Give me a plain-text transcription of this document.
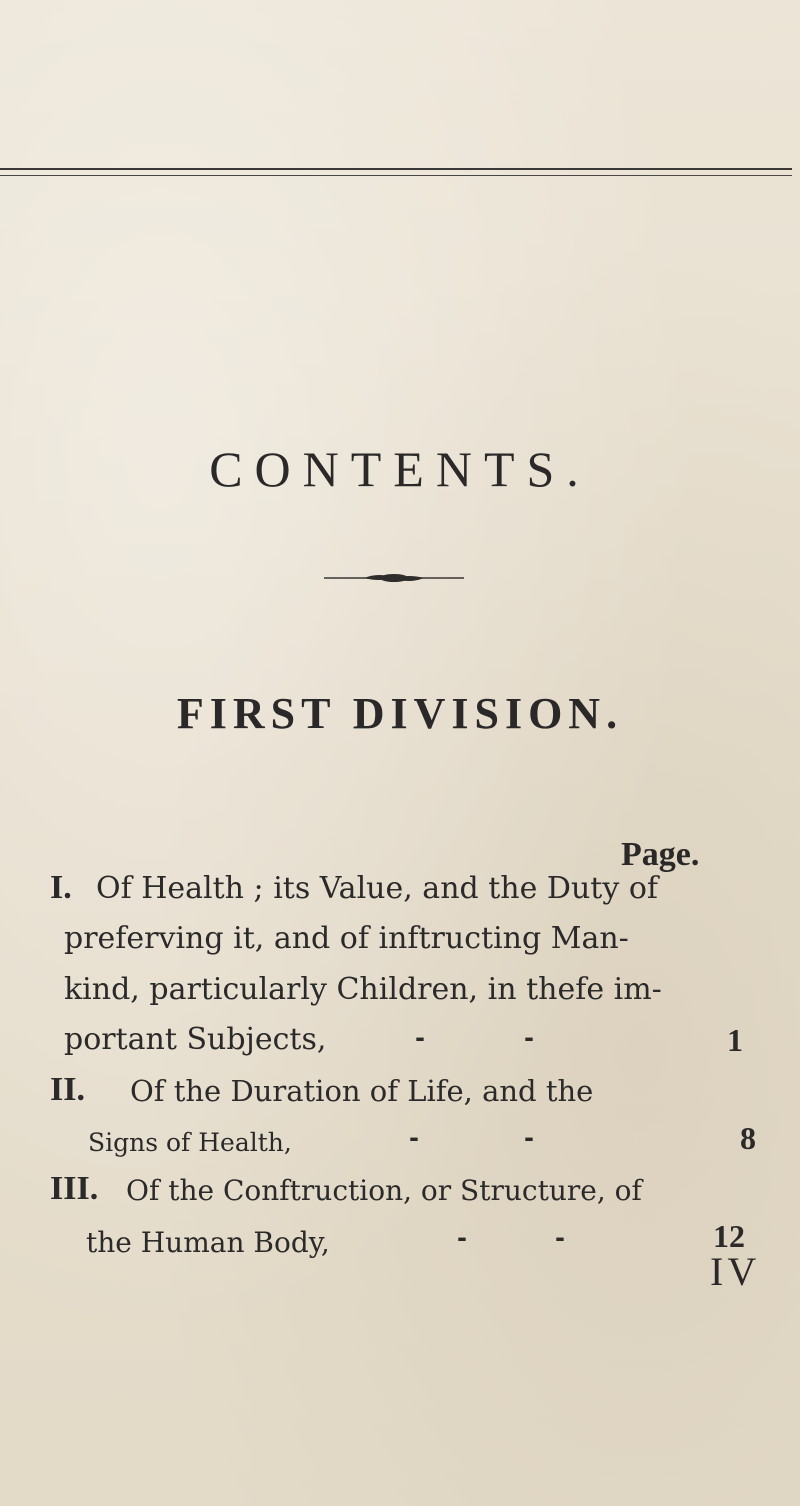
CONTENTS.
FIRST DIVISION.
Page.
I. Of Health ; its Value, and the Duty of
preferving it, and of inftructing Man-
kind, particularly Children, in thefe im-
portant Subjects,	-	-	1
II. Of the Duration of Life, and the
Signs of Health,	-	-	8
III. Of the Conftruction, or Structure, of
the Human Body,	-	-	12
IV
